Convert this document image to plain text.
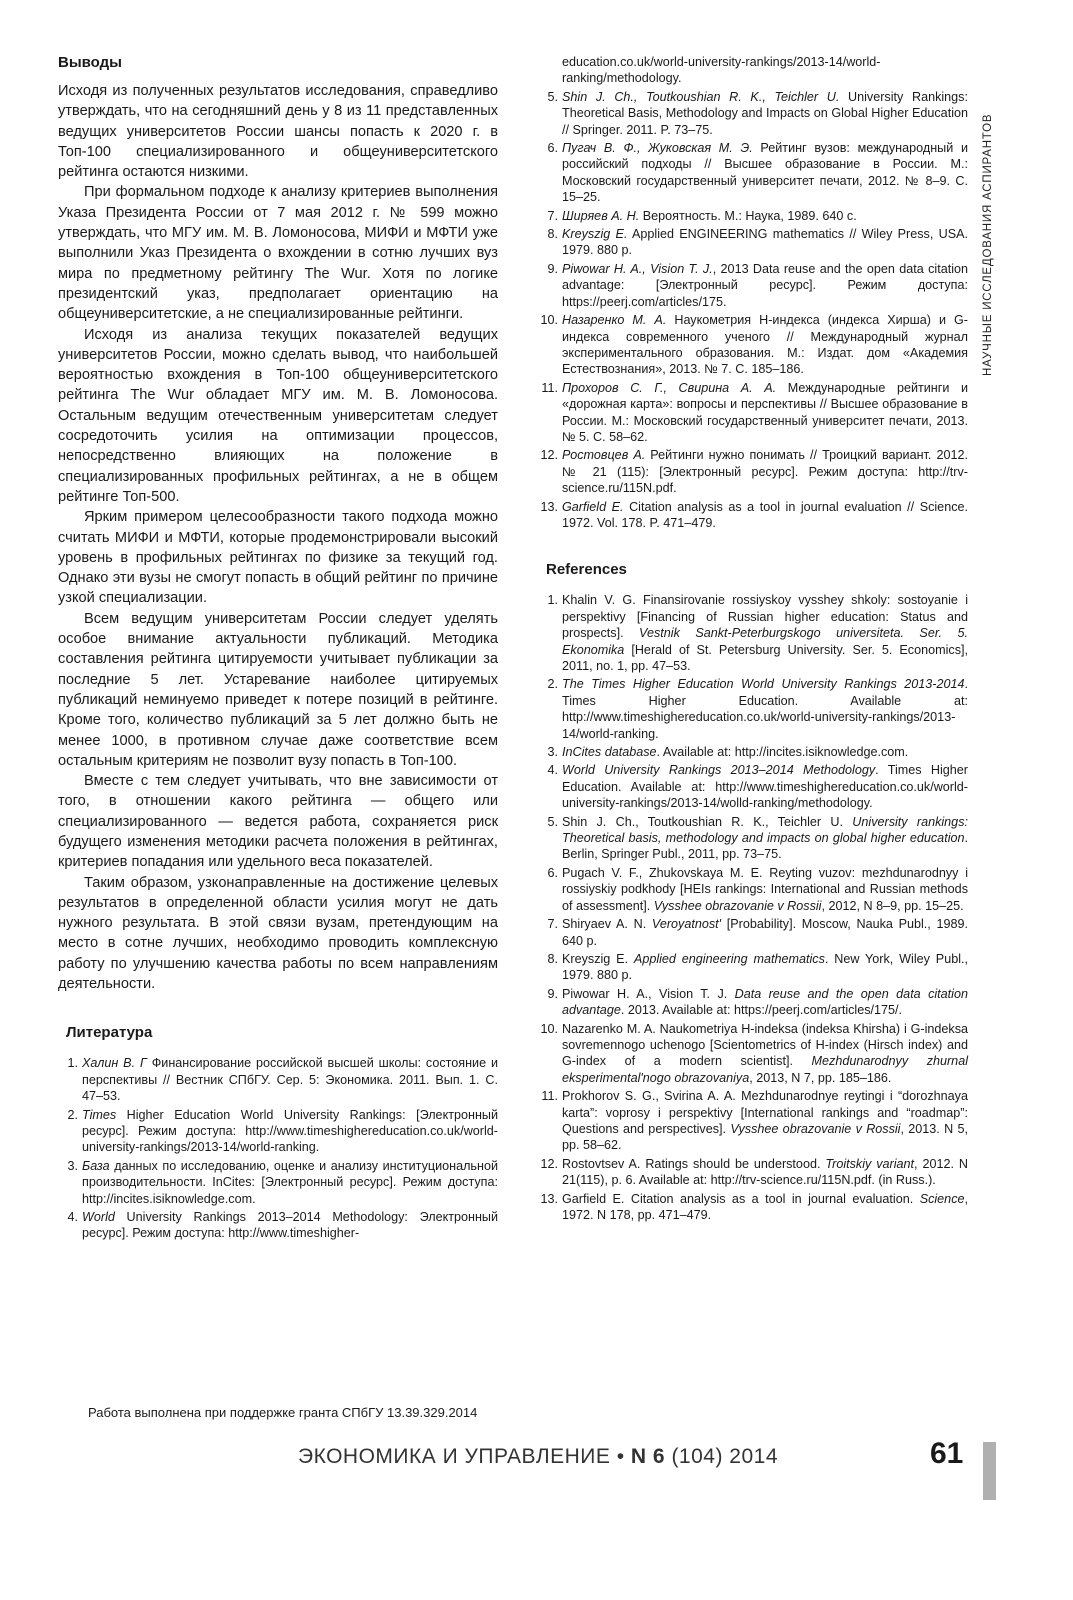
Выводы

Исходя из полученных результатов исследования, справедливо утверждать, что на сегодняшний день у 8 из 11 представленных ведущих университетов России шансы попасть к 2020 г. в Топ-100 специализированного и общеуниверситетского рейтинга остаются низкими.

При формальном подходе к анализу критериев выполнения Указа Президента России от 7 мая 2012 г. № 599 можно утверждать, что МГУ им. М. В. Ломоносова, МИФИ и МФТИ уже выполнили Указ Президента о вхождении в сотню лучших вуз мира по предметному рейтингу The Wur. Хотя по логике президентский указ, предполагает ориентацию на общеуниверситетские, а не специализированные рейтинги.

Исходя из анализа текущих показателей ведущих университетов России, можно сделать вывод, что наибольшей вероятностью вхождения в Топ-100 общеуниверситетского рейтинга The Wur обладает МГУ им. М. В. Ломоносова. Остальным ведущим отечественным университетам следует сосредоточить усилия на оптимизации процессов, непосредственно влияющих на положение в специализированных профильных рейтингах, а не в общем рейтинге Топ-500.

Ярким примером целесообразности такого подхода можно считать МИФИ и МФТИ, которые продемонстрировали высокий уровень в профильных рейтингах по физике за текущий год. Однако эти вузы не смогут попасть в общий рейтинг по причине узкой специализации.

Всем ведущим университетам России следует уделять особое внимание актуальности публикаций. Методика составления рейтинга цитируемости учитывает публикации за последние 5 лет. Устаревание наиболее цитируемых публикаций неминуемо приведет к потере позиций в рейтинге. Кроме того, количество публикаций за 5 лет должно быть не менее 1000, в противном случае даже соответствие всем остальным критериям не позволит вузу попасть в Топ-100.

Вместе с тем следует учитывать, что вне зависимости от того, в отношении какого рейтинга — общего или специализированного — ведется работа, сохраняется риск будущего изменения методики расчета положения в рейтингах, критериев попадания или удельного веса показателей.

Таким образом, узконаправленные на достижение целевых результатов в определенной области усилия могут не дать нужного результата. В этой связи вузам, претендующим на место в сотне лучших, необходимо проводить комплексную работу по улучшению качества работы по всем направлениям деятельности.

Литература
1. Халин В. Г Финансирование российской высшей школы: состояние и перспективы // Вестник СПбГУ. Сер. 5: Экономика. 2011. Вып. 1. С. 47–53.
2. Times Higher Education World University Rankings: [Электронный ресурс]. Режим доступа: http://www.timeshighereducation.co.uk/world-university-rankings/2013-14/world-ranking.
3. База данных по исследованию, оценке и анализу институциональной производительности. InCites: [Электронный ресурс]. Режим доступа: http://incites.isiknowledge.com.
4. World University Rankings 2013–2014 Methodology: Электронный ресурс]. Режим доступа: http://www.timeshigher-
education.co.uk/world-university-rankings/2013-14/world-ranking/methodology.
5. Shin J. Ch., Toutkoushian R. K., Teichler U. University Rankings: Theoretical Basis, Methodology and Impacts on Global Higher Education // Springer. 2011. P. 73–75.
6. Пугач В. Ф., Жуковская М. Э. Рейтинг вузов: международный и российский подходы // Высшее образование в России. М.: Московский государственный университет печати, 2012. № 8–9. С. 15–25.
7. Ширяев А. Н. Вероятность. М.: Наука, 1989. 640 с.
8. Kreyszig E. Applied ENGINEERING mathematics // Wiley Press, USA. 1979. 880 p.
9. Piwowar H. A., Vision T. J., 2013 Data reuse and the open data citation advantage: [Электронный ресурс]. Режим доступа: https://peerj.com/articles/175.
10. Назаренко М. А. Наукометрия H-индекса (индекса Хирша) и G-индекса современного ученого // Международный журнал экспериментального образования. М.: Издат. дом «Академия Естествознания», 2013. № 7. С. 185–186.
11. Прохоров С. Г., Свирина А. А. Международные рейтинги и «дорожная карта»: вопросы и перспективы // Высшее образование в России. М.: Московский государственный университет печати, 2013. № 5. С. 58–62.
12. Ростовцев А. Рейтинги нужно понимать // Троицкий вариант. 2012. № 21 (115): [Электронный ресурс]. Режим доступа: http://trv-science.ru/115N.pdf.
13. Garfield E. Citation analysis as a tool in journal evaluation // Science. 1972. Vol. 178. P. 471–479.
References
1. Khalin V. G. Finansirovanie rossiyskoy vysshey shkoly: sostoyanie i perspektivy [Financing of Russian higher education: Status and prospects]. Vestnik Sankt-Peterburgskogo universiteta. Ser. 5. Ekonomika [Herald of St. Petersburg University. Ser. 5. Economics], 2011, no. 1, pp. 47–53.
2. The Times Higher Education World University Rankings 2013-2014. Times Higher Education. Available at: http://www.timeshighereducation.co.uk/world-university-rankings/2013-14/world-ranking.
3. InCites database. Available at: http://incites.isiknowledge.com.
4. World University Rankings 2013–2014 Methodology. Times Higher Education. Available at: http://www.timeshighereducation.co.uk/world-university-rankings/2013-14/wolld-ranking/methodology.
5. Shin J. Ch., Toutkoushian R. K., Teichler U. University rankings: Theoretical basis, methodology and impacts on global higher education. Berlin, Springer Publ., 2011, pp. 73–75.
6. Pugach V. F., Zhukovskaya M. E. Reyting vuzov: mezhdunarodnyy i rossiyskiy podkhody [HEIs rankings: International and Russian methods of assessment]. Vysshee obrazovanie v Rossii, 2012, N 8–9, pp. 15–25.
7. Shiryaev A. N. Veroyatnost' [Probability]. Moscow, Nauka Publ., 1989. 640 p.
8. Kreyszig E. Applied engineering mathematics. New York, Wiley Publ., 1979. 880 p.
9. Piwowar H. A., Vision T. J. Data reuse and the open data citation advantage. 2013. Available at: https://peerj.com/articles/175/.
10. Nazarenko M. A. Naukometriya H-indeksa (indeksa Khirsha) i G-indeksa sovremennogo uchenogo [Scientometrics of H-index (Hirsch index) and G-index of a modern scientist]. Mezhdunarodnyy zhurnal eksperimental'nogo obrazovaniya, 2013, N 7, pp. 185–186.
11. Prokhorov S. G., Svirina A. A. Mezhdunarodnye reytingi i “dorozhnaya karta”: voprosy i perspektivy [International rankings and “roadmap”: Questions and perspectives]. Vysshee obrazovanie v Rossii, 2013. N 5, pp. 58–62.
12. Rostovtsev A. Ratings should be understood. Troitskiy variant, 2012. N 21(115), p. 6. Available at: http://trv-science.ru/115N.pdf. (in Russ.).
13. Garfield E. Citation analysis as a tool in journal evaluation. Science, 1972. N 178, pp. 471–479.
НАУЧНЫЕ ИССЛЕДОВАНИЯ АСПИРАНТОВ
Работа выполнена при поддержке гранта СПбГУ 13.39.329.2014
ЭКОНОМИКА И УПРАВЛЕНИЕ • N 6 (104) 2014	61
